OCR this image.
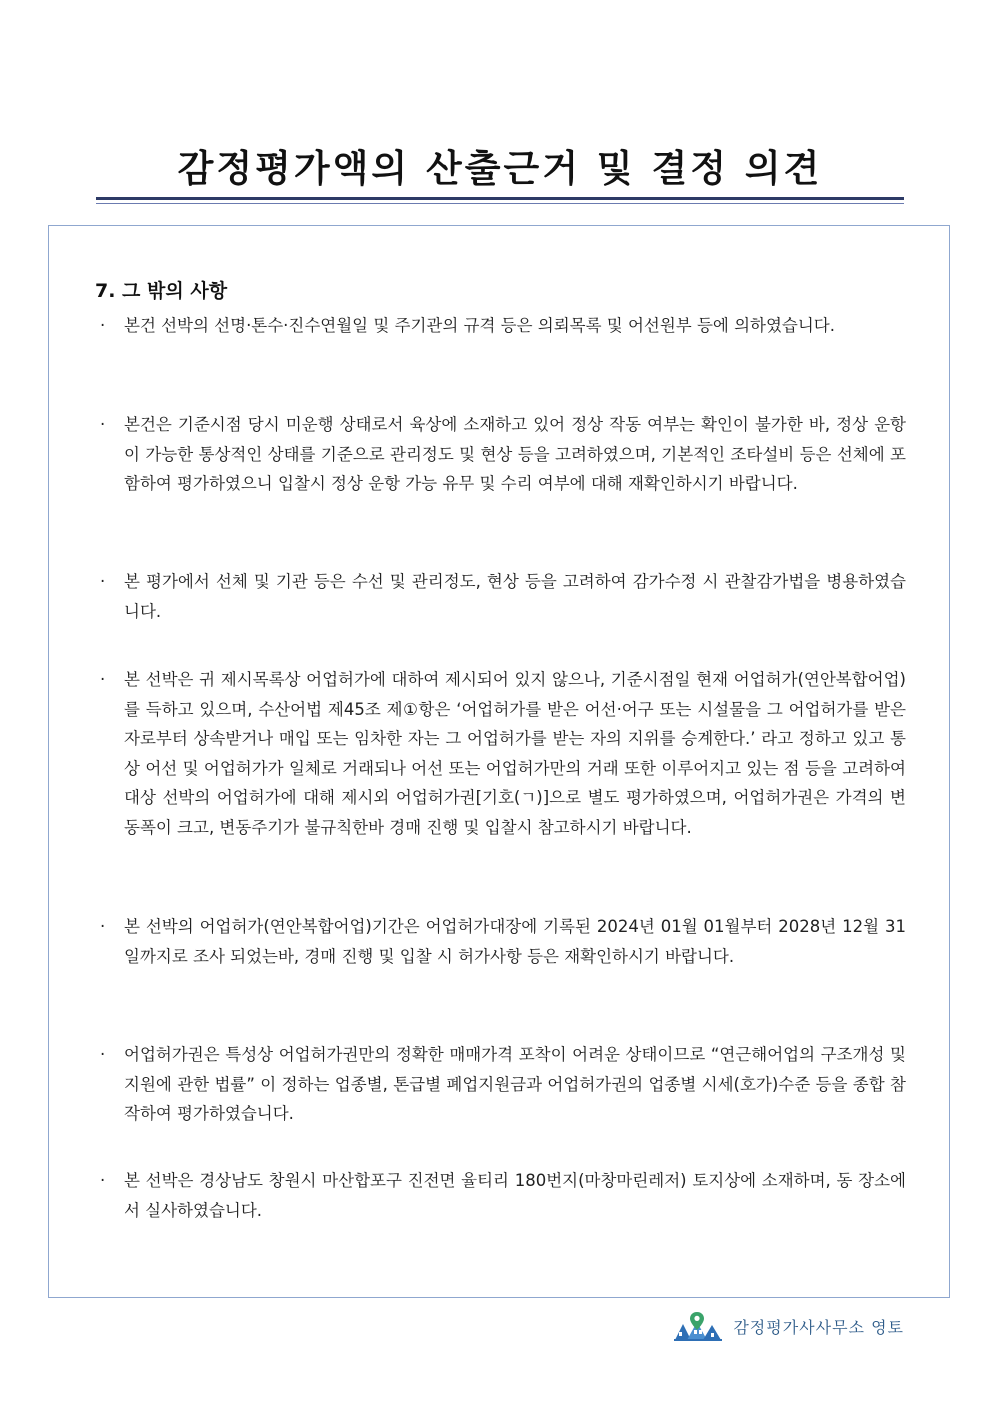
감정평가액의 산출근거 및 결정 의견
7. 그 밖의 사항
·	본건 선박의 선명·톤수·진수연월일 및 주기관의 규격 등은 의뢰목록 및 어선원부 등에 의하였습니다.
·	본건은 기준시점 당시 미운행 상태로서 육상에 소재하고 있어 정상 작동 여부는 확인이 불가한 바, 정상 운항이 가능한 통상적인 상태를 기준으로 관리정도 및 현상 등을 고려하였으며, 기본적인 조타설비 등은 선체에 포함하여 평가하였으니 입찰시 정상 운항 가능 유무 및 수리 여부에 대해 재확인하시기 바랍니다.
·	본 평가에서 선체 및 기관 등은 수선 및 관리정도, 현상 등을 고려하여 감가수정 시 관찰감가법을 병용하였습니다.
·	본 선박은 귀 제시목록상 어업허가에 대하여 제시되어 있지 않으나, 기준시점일 현재 어업허가(연안복합어업)를 득하고 있으며, 수산어법 제45조 제①항은 ‘어업허가를 받은 어선·어구 또는 시설물을 그 어업허가를 받은 자로부터 상속받거나 매입 또는 임차한 자는 그 어업허가를 받는 자의 지위를 승계한다.’ 라고 정하고 있고 통상 어선 및 어업허가가 일체로 거래되나 어선 또는 어업허가만의 거래 또한 이루어지고 있는 점 등을 고려하여 대상 선박의 어업허가에 대해 제시외 어업허가권[기호(ㄱ)]으로 별도 평가하였으며, 어업허가권은 가격의 변동폭이 크고, 변동주기가 불규칙한바 경매 진행 및 입찰시 참고하시기 바랍니다.
·	본 선박의 어업허가(연안복합어업)기간은 어업허가대장에 기록된 2024년 01월 01월부터 2028년 12월 31일까지로 조사 되었는바, 경매 진행 및 입찰 시 허가사항 등은 재확인하시기 바랍니다.
·	어업허가권은 특성상 어업허가권만의 정확한 매매가격 포착이 어려운 상태이므로 “연근해어업의 구조개성 및 지원에 관한 법률” 이 정하는 업종별, 톤급별 폐업지원금과 어업허가권의 업종별 시세(호가)수준 등을 종합 참작하여 평가하였습니다.
·	본 선박은 경상남도 창원시 마산합포구 진전면 율티리 180번지(마창마린레저) 토지상에 소재하며, 동 장소에서 실사하였습니다.
감정평가사사무소 영토
